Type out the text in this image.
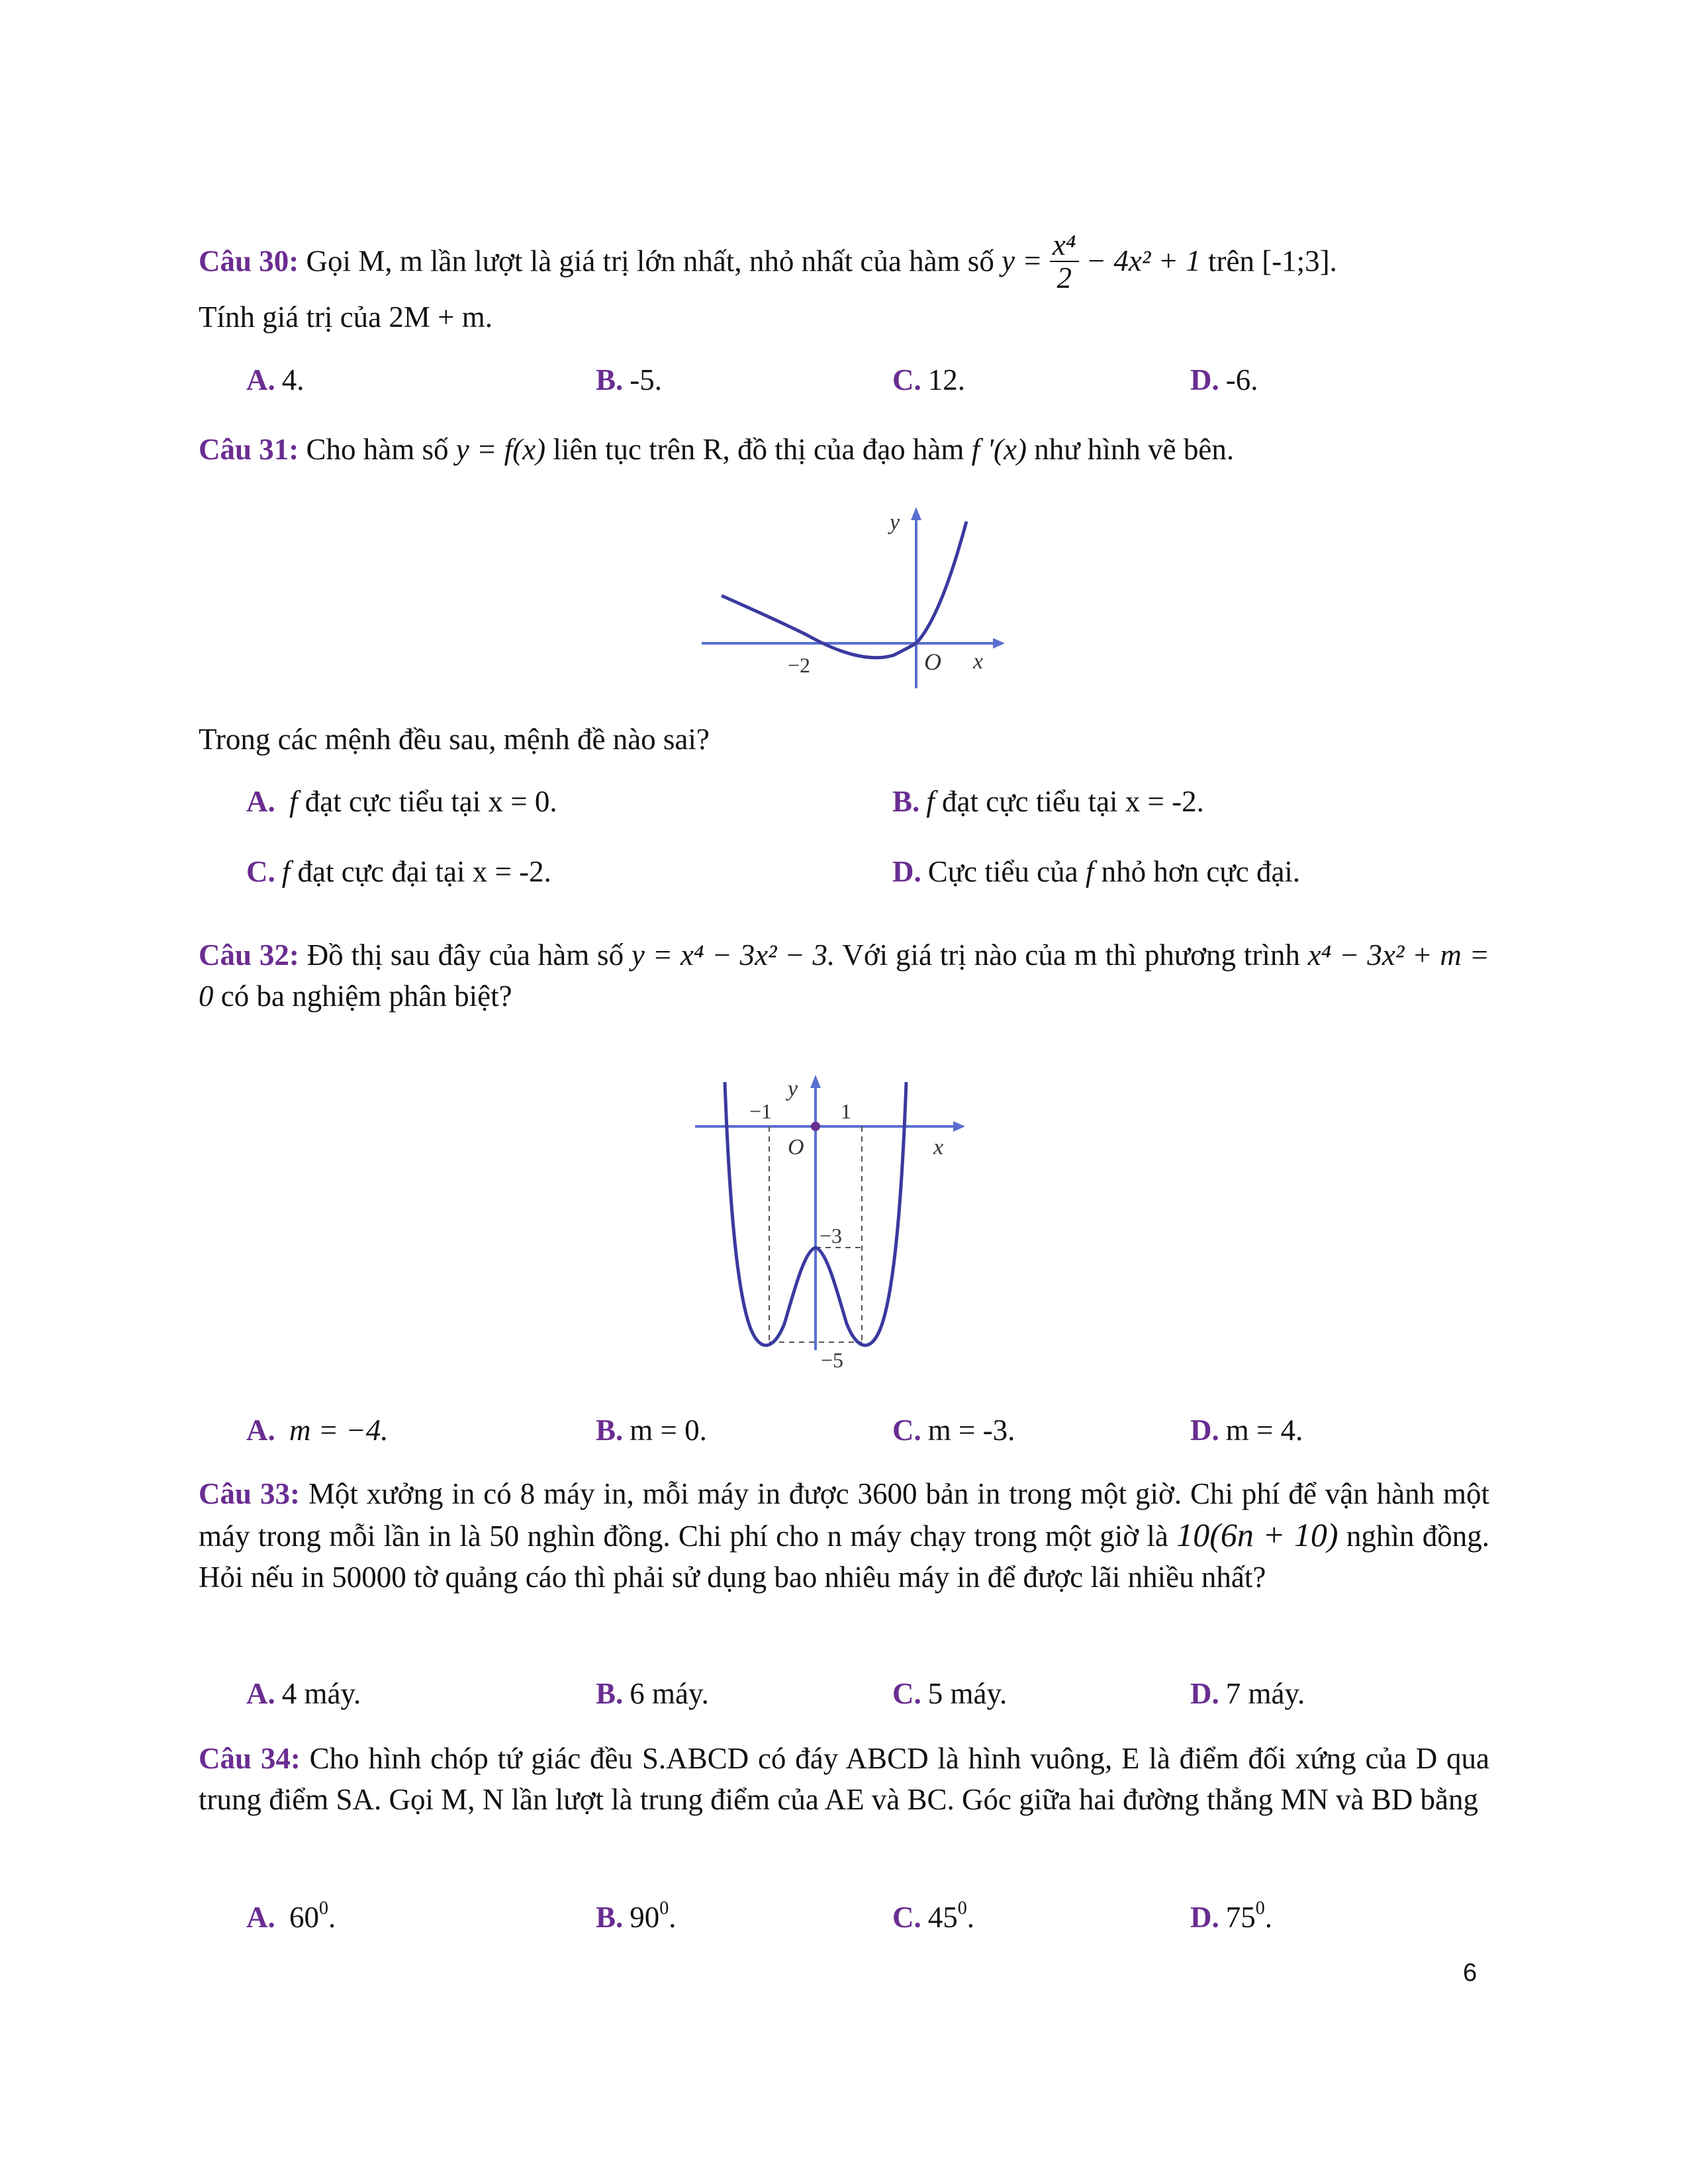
Câu 30: Gọi M, m lần lượt là giá trị lớn nhất, nhỏ nhất của hàm số $y = \frac{\text{x⁴}}{2} - 4x^2 + 1$ trên [-1;3].
Tính giá trị của 2M + m.
A. 4.	B. -5.	C. 12.	D. -6.
Câu 31: Cho hàm số y = f(x) liên tục trên R, đồ thị của đạo hàm f '(x) như hình vẽ bên.
y
x
O
−2
Trong các mệnh đều sau, mệnh đề nào sai?
A. f đạt cực tiểu tại x = 0.	B. f đạt cực tiểu tại x = -2.
C. f đạt cực đại tại x = -2.	D. Cực tiểu của f nhỏ hơn cực đại.
Câu 32: Đồ thị sau đây của hàm số y = x⁴ − 3x² − 3. Với giá trị nào của m thì phương trình x⁴ − 3x² + m = 0 có ba nghiệm phân biệt?
y
x
O
−1	1
−3
−5
A. m = −4.	B. m = 0.	C. m = -3.	D. m = 4.
Câu 33: Một xưởng in có 8 máy in, mỗi máy in được 3600 bản in trong một giờ. Chi phí để vận hành một máy trong mỗi lần in là 50 nghìn đồng. Chi phí cho n máy chạy trong một giờ là 10(6n + 10) nghìn đồng. Hỏi nếu in 50000 tờ quảng cáo thì phải sử dụng bao nhiêu máy in để được lãi nhiều nhất?
A. 4 máy.	B. 6 máy.	C. 5 máy.	D. 7 máy.
Câu 34: Cho hình chóp tứ giác đều S.ABCD có đáy ABCD là hình vuông, E là điểm đối xứng của D qua trung điểm SA. Gọi M, N lần lượt là trung điểm của AE và BC. Góc giữa hai đường thẳng MN và BD bằng
A. $60^0$.	B. $90^0$.	C. $45^0$.	D. $75^0$.
6
